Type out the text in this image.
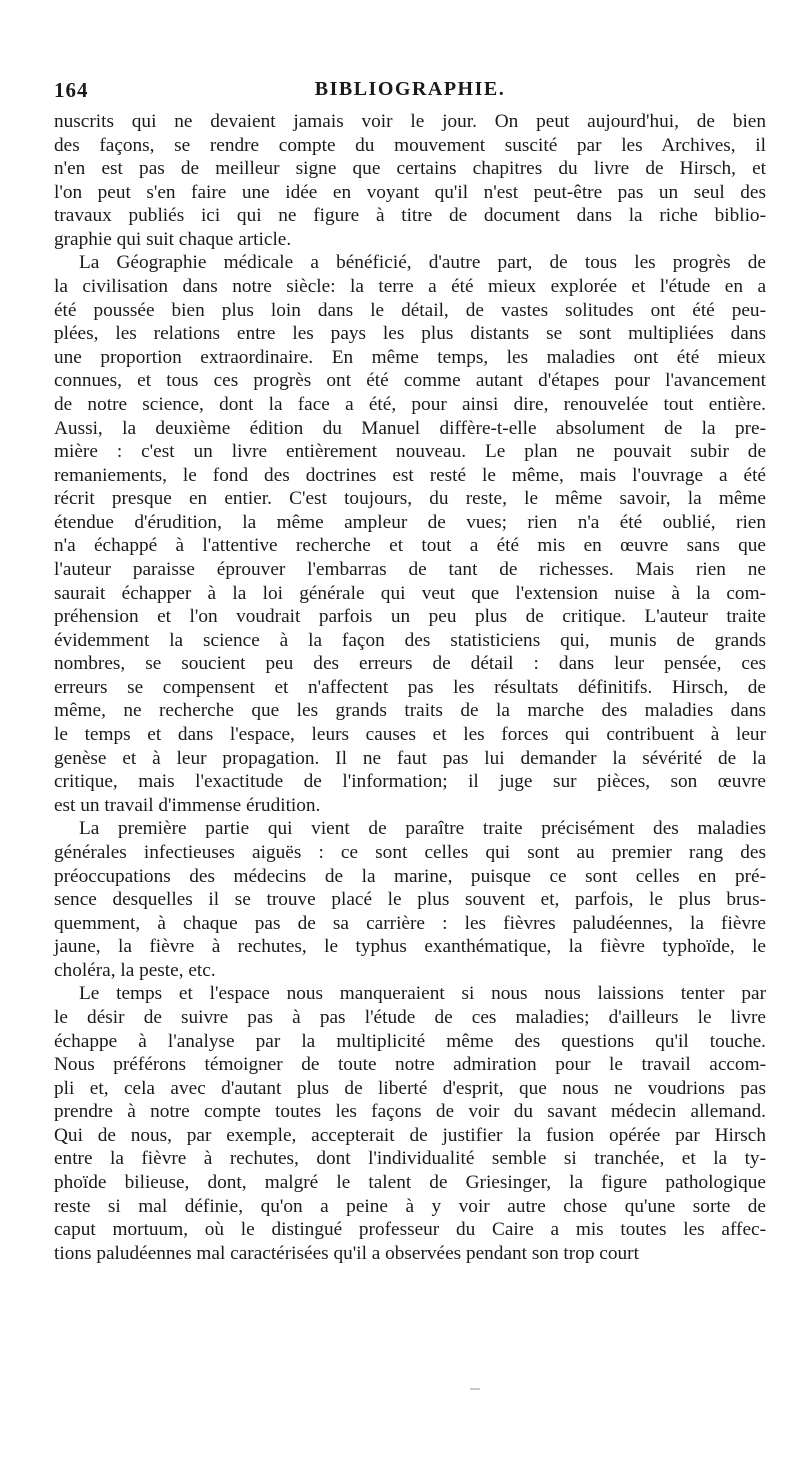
164	BIBLIOGRAPHIE.

nuscrits qui ne devaient jamais voir le jour. On peut aujourd'hui, de bien
des façons, se rendre compte du mouvement suscité par les Archives, il
n'en est pas de meilleur signe que certains chapitres du livre de Hirsch, et
l'on peut s'en faire une idée en voyant qu'il n'est peut-être pas un seul des
travaux publiés ici qui ne figure à titre de document dans la riche biblio-
graphie qui suit chaque article.

La Géographie médicale a bénéficié, d'autre part, de tous les progrès de
la civilisation dans notre siècle: la terre a été mieux explorée et l'étude en a
été poussée bien plus loin dans le détail, de vastes solitudes ont été peu-
plées, les relations entre les pays les plus distants se sont multipliées dans
une proportion extraordinaire. En même temps, les maladies ont été mieux
connues, et tous ces progrès ont été comme autant d'étapes pour l'avancement
de notre science, dont la face a été, pour ainsi dire, renouvelée tout entière.
Aussi, la deuxième édition du Manuel diffère-t-elle absolument de la pre-
mière : c'est un livre entièrement nouveau. Le plan ne pouvait subir de
remaniements, le fond des doctrines est resté le même, mais l'ouvrage a été
récrit presque en entier. C'est toujours, du reste, le même savoir, la même
étendue d'érudition, la même ampleur de vues; rien n'a été oublié, rien
n'a échappé à l'attentive recherche et tout a été mis en œuvre sans que
l'auteur paraisse éprouver l'embarras de tant de richesses. Mais rien ne
saurait échapper à la loi générale qui veut que l'extension nuise à la com-
préhension et l'on voudrait parfois un peu plus de critique. L'auteur traite
évidemment la science à la façon des statisticiens qui, munis de grands
nombres, se soucient peu des erreurs de détail : dans leur pensée, ces
erreurs se compensent et n'affectent pas les résultats définitifs. Hirsch, de
même, ne recherche que les grands traits de la marche des maladies dans
le temps et dans l'espace, leurs causes et les forces qui contribuent à leur
genèse et à leur propagation. Il ne faut pas lui demander la sévérité de la
critique, mais l'exactitude de l'information; il juge sur pièces, son œuvre
est un travail d'immense érudition.

La première partie qui vient de paraître traite précisément des maladies
générales infectieuses aiguës : ce sont celles qui sont au premier rang des
préoccupations des médecins de la marine, puisque ce sont celles en pré-
sence desquelles il se trouve placé le plus souvent et, parfois, le plus brus-
quemment, à chaque pas de sa carrière : les fièvres paludéennes, la fièvre
jaune, la fièvre à rechutes, le typhus exanthématique, la fièvre typhoïde, le
choléra, la peste, etc.

Le temps et l'espace nous manqueraient si nous nous laissions tenter par
le désir de suivre pas à pas l'étude de ces maladies; d'ailleurs le livre
échappe à l'analyse par la multiplicité même des questions qu'il touche.
Nous préférons témoigner de toute notre admiration pour le travail accom-
pli et, cela avec d'autant plus de liberté d'esprit, que nous ne voudrions pas
prendre à notre compte toutes les façons de voir du savant médecin allemand.
Qui de nous, par exemple, accepterait de justifier la fusion opérée par Hirsch
entre la fièvre à rechutes, dont l'individualité semble si tranchée, et la ty-
phoïde bilieuse, dont, malgré le talent de Griesinger, la figure pathologique
reste si mal définie, qu'on a peine à y voir autre chose qu'une sorte de
caput mortuum, où le distingué professeur du Caire a mis toutes les affec-
tions paludéennes mal caractérisées qu'il a observées pendant son trop court
